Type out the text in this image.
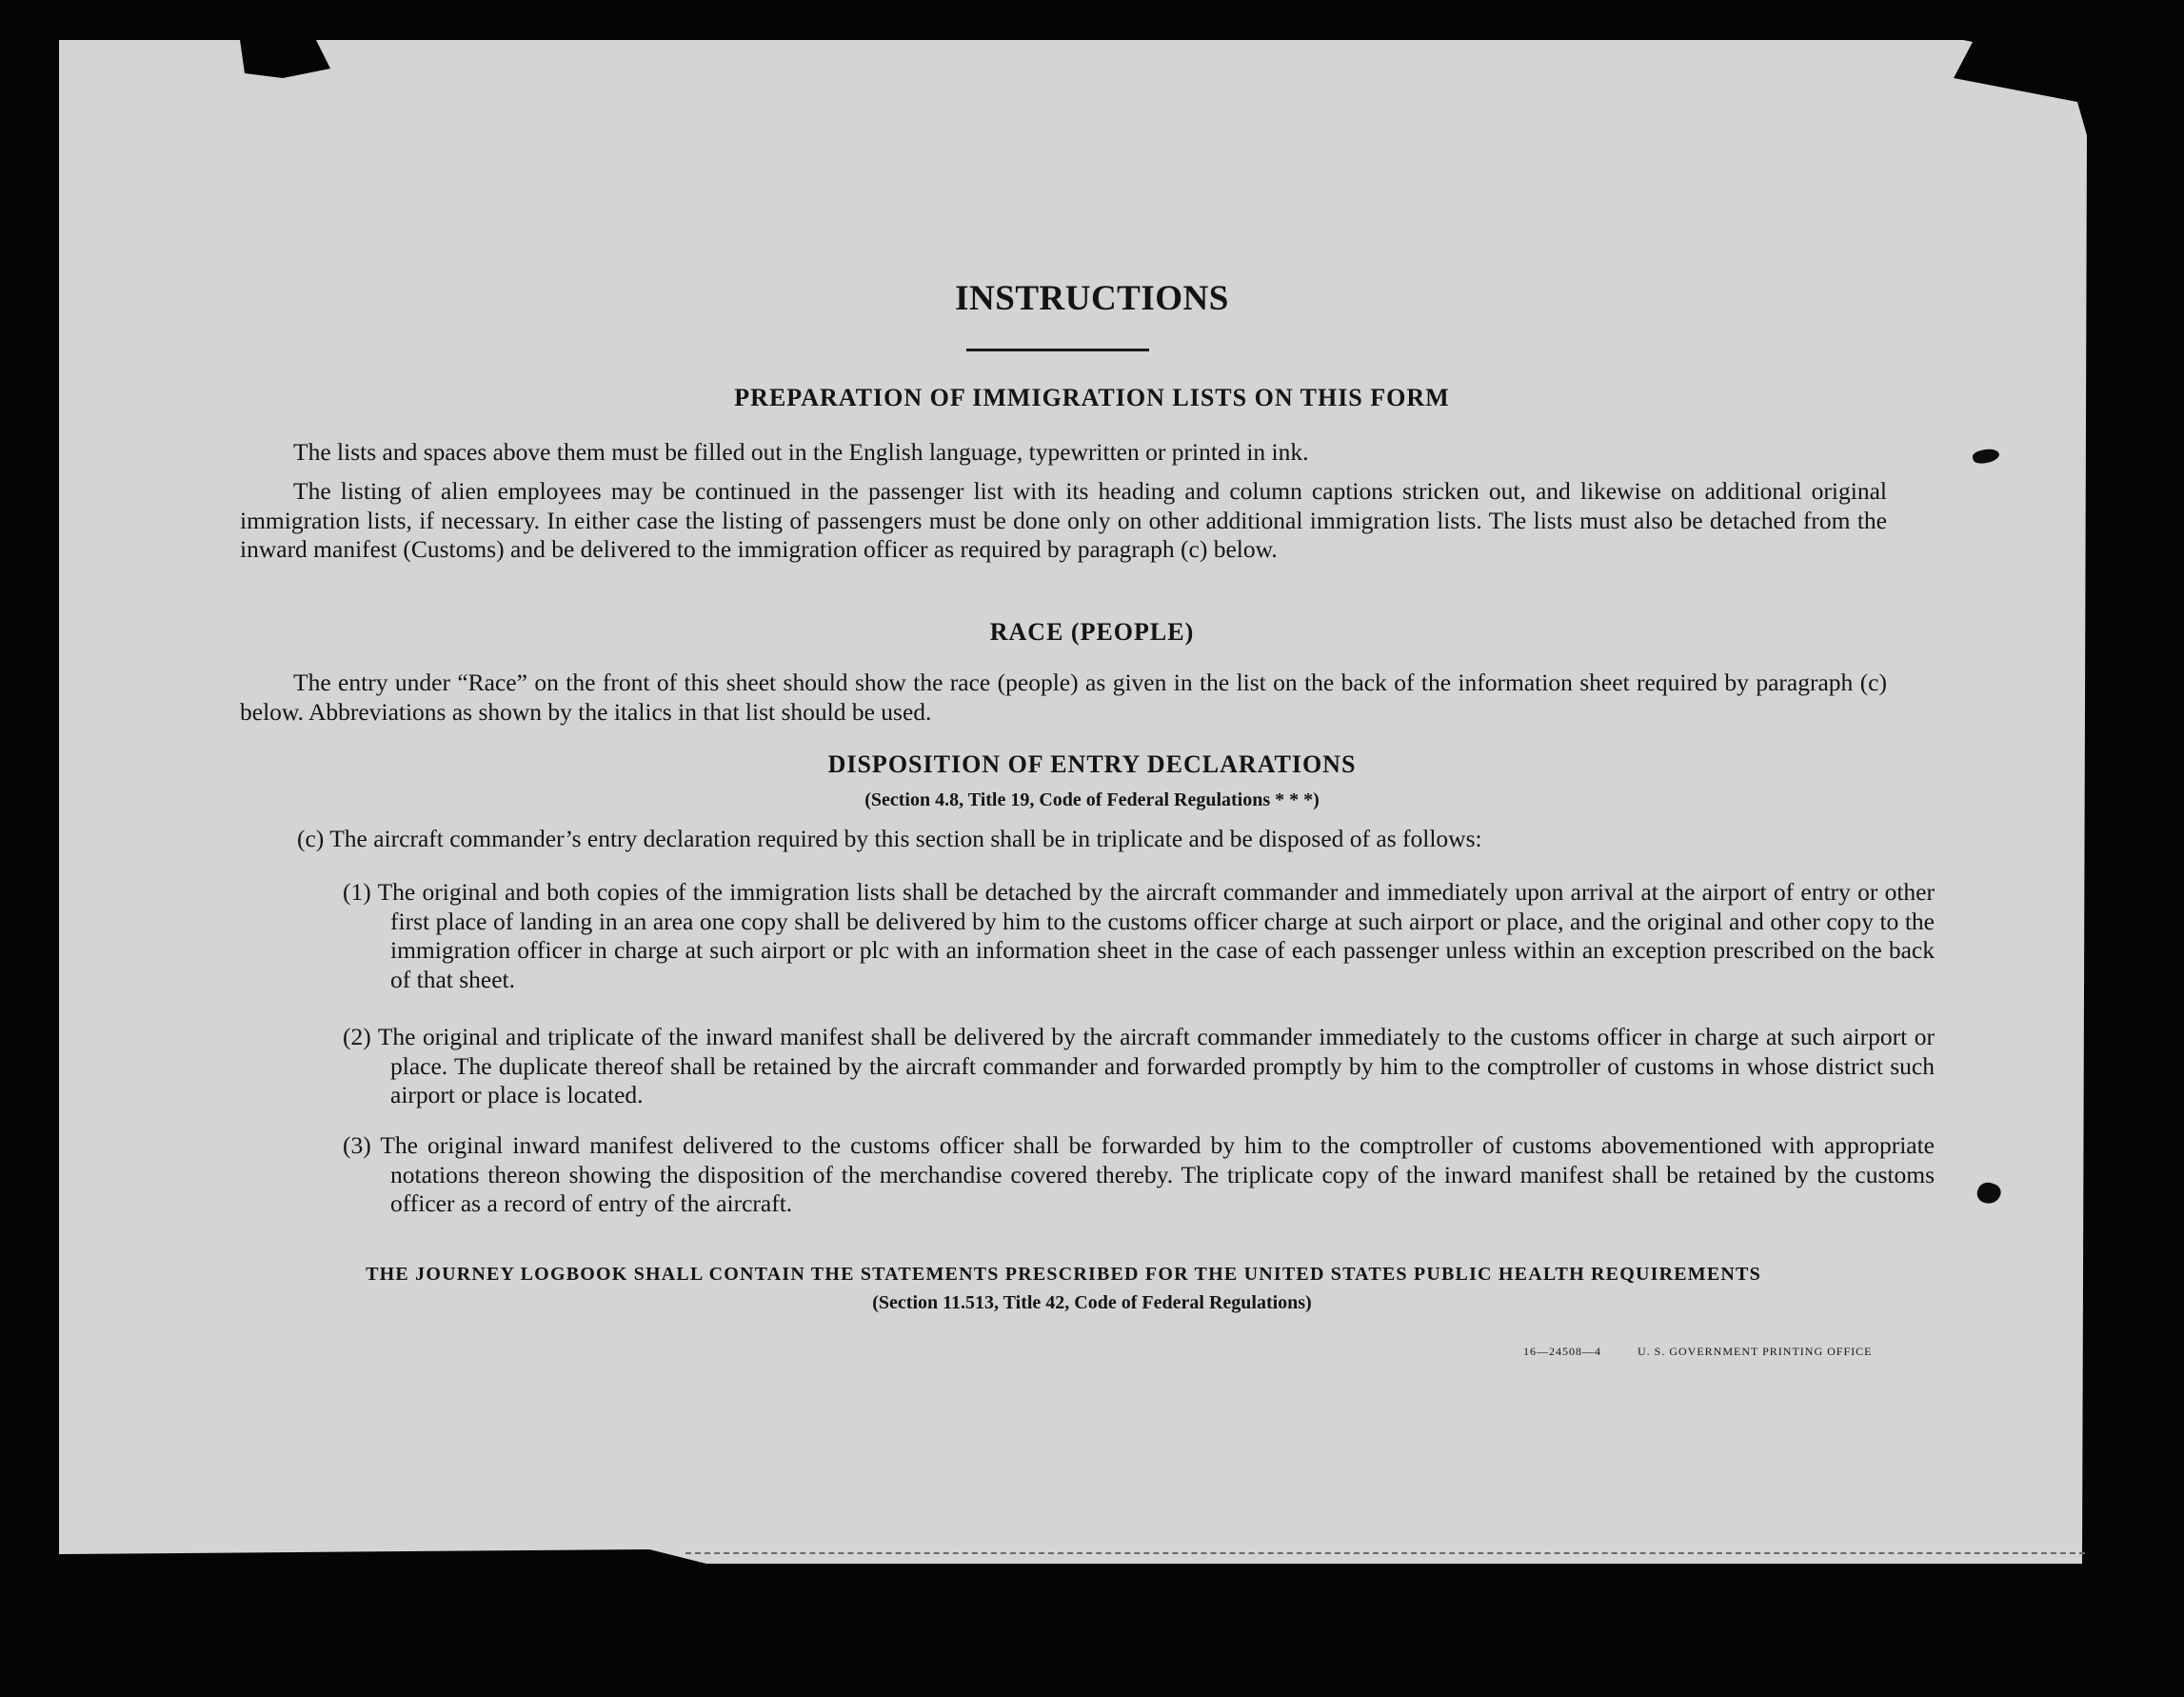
INSTRUCTIONS
PREPARATION OF IMMIGRATION LISTS ON THIS FORM
The lists and spaces above them must be filled out in the English language, typewritten or printed in ink.
The listing of alien employees may be continued in the passenger list with its heading and column captions stricken out, and likewise on additional original immigration lists, if necessary. In either case the listing of passengers must be done only on other additional immigration lists. The lists must also be detached from the inward manifest (Customs) and be delivered to the immigration officer as required by paragraph (c) below.
RACE (PEOPLE)
The entry under “Race” on the front of this sheet should show the race (people) as given in the list on the back of the information sheet required by paragraph (c) below. Abbreviations as shown by the italics in that list should be used.
DISPOSITION OF ENTRY DECLARATIONS
(Section 4.8, Title 19, Code of Federal Regulations * * *)
(c) The aircraft commander’s entry declaration required by this section shall be in triplicate and be disposed of as follows:
(1) The original and both copies of the immigration lists shall be detached by the aircraft commander and immediately upon arrival at the airport of entry or other first place of landing in an area one copy shall be delivered by him to the customs officer charge at such airport or place, and the original and other copy to the immigration officer in charge at such airport or plc with an information sheet in the case of each passenger unless within an exception prescribed on the back of that sheet.
(2) The original and triplicate of the inward manifest shall be delivered by the aircraft commander immediately to the customs officer in charge at such airport or place. The duplicate thereof shall be retained by the aircraft commander and forwarded promptly by him to the comptroller of customs in whose district such airport or place is located.
(3) The original inward manifest delivered to the customs officer shall be forwarded by him to the comptroller of customs abovementioned with appropriate notations thereon showing the disposition of the merchandise covered thereby. The triplicate copy of the inward manifest shall be retained by the customs officer as a record of entry of the aircraft.
THE JOURNEY LOGBOOK SHALL CONTAIN THE STATEMENTS PRESCRIBED FOR THE UNITED STATES PUBLIC HEALTH REQUIREMENTS
(Section 11.513, Title 42, Code of Federal Regulations)
16—24508—4	U. S. GOVERNMENT PRINTING OFFICE
